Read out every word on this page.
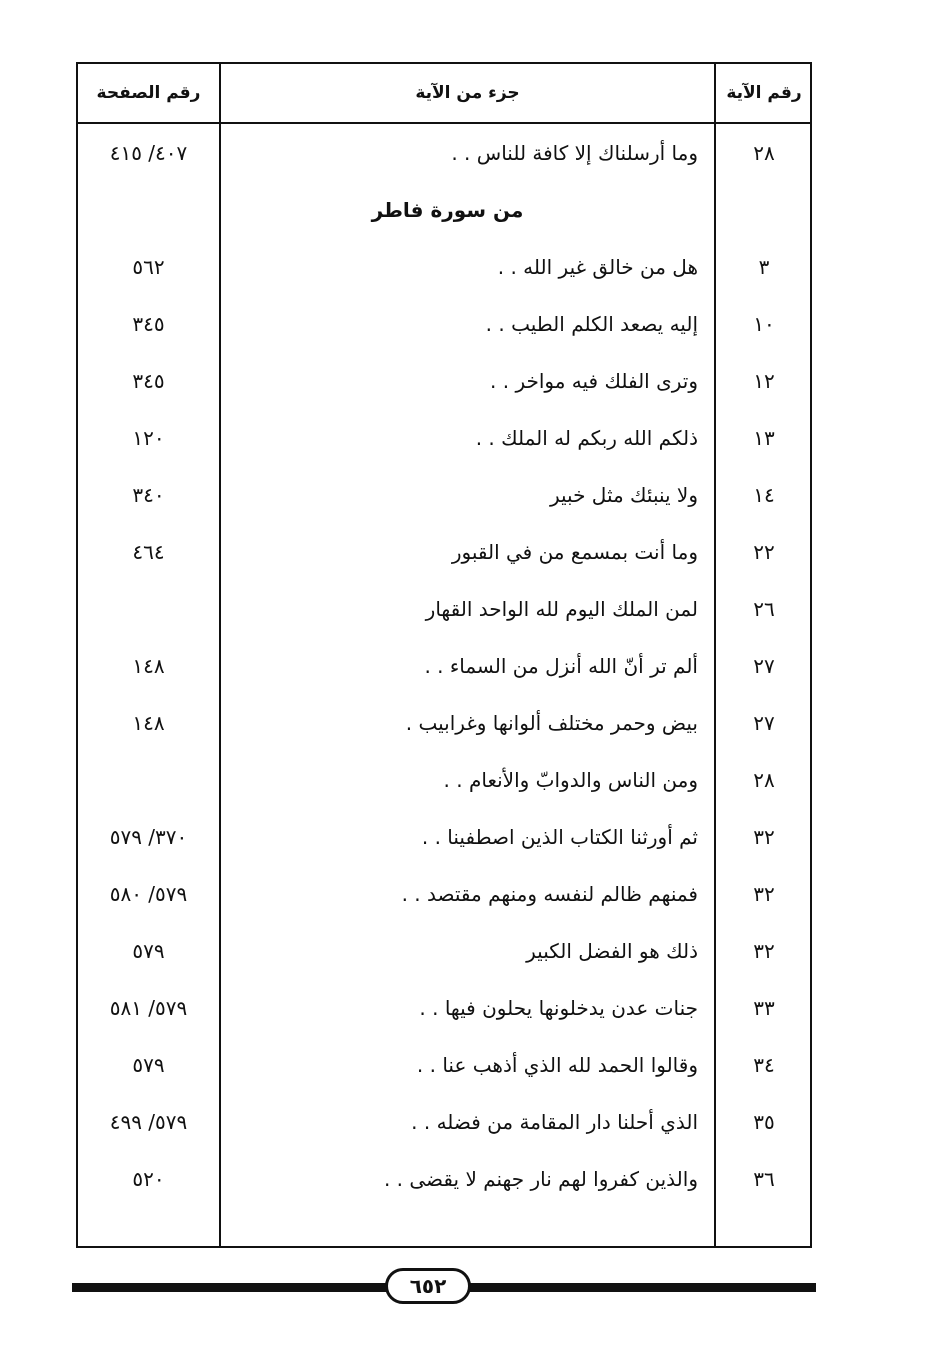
رقم الصفحة	جزء من الآية	رقم الآية
٢٨
وما أرسلناك إلا كافة للناس . .
٤٠٧/ ٤١٥
من سورة فاطر
٣
هل من خالق غير الله . .
٥٦٢
١٠
إليه يصعد الكلم الطيب . .
٣٤٥
١٢
وترى الفلك فيه مواخر . .
٣٤٥
١٣
ذلكم الله ربكم له الملك . .
١٢٠
١٤
ولا ينبئك مثل خبير
٣٤٠
٢٢
وما أنت بمسمع من في القبور
٤٦٤
٢٦
لمن الملك اليوم لله الواحد القهار
٢٧
ألم تر أنّ الله أنزل من السماء . .
١٤٨
٢٧
بيض وحمر مختلف ألوانها وغرابيب .
١٤٨
٢٨
ومن الناس والدوابّ والأنعام . .
٣٢
ثم أورثنا الكتاب الذين اصطفينا . .
٣٧٠/ ٥٧٩
٣٢
فمنهم ظالم لنفسه ومنهم مقتصد . .
٥٧٩/ ٥٨٠
٣٢
ذلك هو الفضل الكبير
٥٧٩
٣٣
جنات عدن يدخلونها يحلون فيها . .
٥٧٩/ ٥٨١
٣٤
وقالوا الحمد لله الذي أذهب عنا . .
٥٧٩
٣٥
الذي أحلنا دار المقامة من فضله . .
٥٧٩/ ٤٩٩
٣٦
والذين كفروا لهم نار جهنم لا يقضى . .
٥٢٠
٦٥٢
